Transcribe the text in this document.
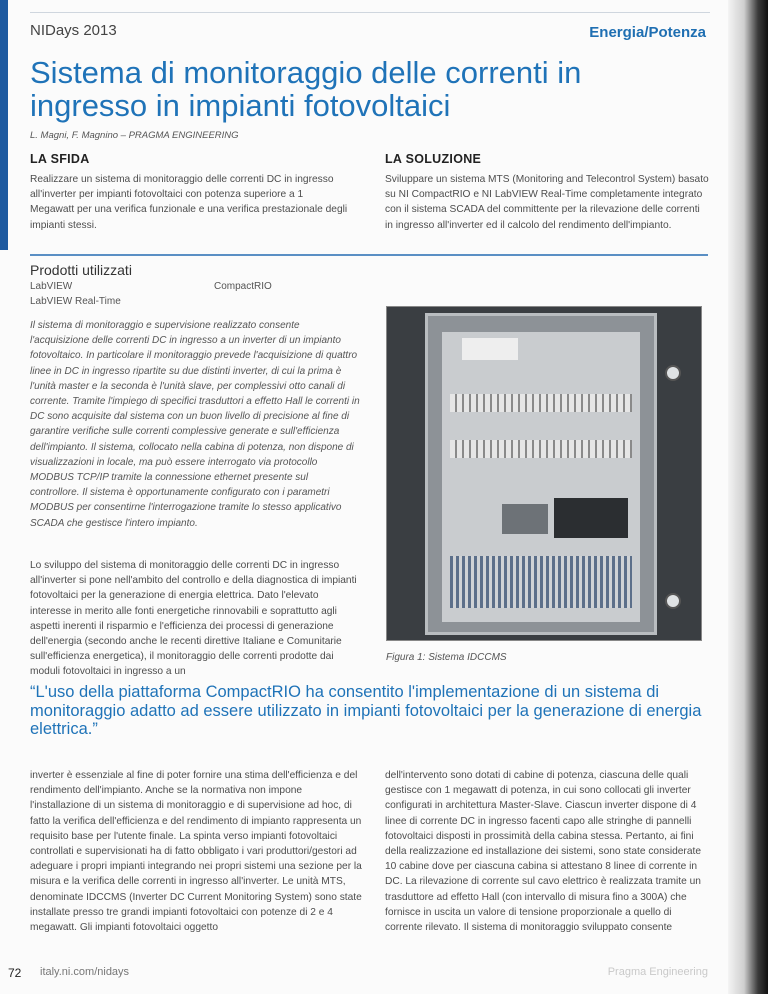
NIDays 2013	Energia/Potenza
Sistema di monitoraggio delle correnti in ingresso in impianti fotovoltaici
L. Magni, F. Magnino – PRAGMA ENGINEERING
LA SFIDA

Realizzare un sistema di monitoraggio delle correnti DC in ingresso all'inverter per impianti fotovoltaici con potenza superiore a 1 Megawatt per una verifica funzionale e una verifica prestazionale degli impianti stessi.

LA SOLUZIONE

Sviluppare un sistema MTS (Monitoring and Telecontrol System) basato su NI CompactRIO e NI LabVIEW Real-Time completamente integrato con il sistema SCADA del committente per la rilevazione delle correnti in ingresso all'inverter ed il calcolo del rendimento dell'impianto.

Prodotti utilizzati
LabVIEW
LabVIEW Real-Time
CompactRIO

Il sistema di monitoraggio e supervisione realizzato consente l'acquisizione delle correnti DC in ingresso a un inverter di un impianto fotovoltaico. In particolare il monitoraggio prevede l'acquisizione di quattro linee in DC in ingresso ripartite su due distinti inverter, di cui la prima è l'unità master e la seconda è l'unità slave, per complessivi otto canali di corrente. Tramite l'impiego di specifici trasduttori a effetto Hall le correnti in DC sono acquisite dal sistema con un buon livello di precisione al fine di garantire verifiche sulle correnti complessive generate e sull'efficienza dell'impianto. Il sistema, collocato nella cabina di potenza, non dispone di visualizzazioni in locale, ma può essere interrogato via protocollo MODBUS TCP/IP tramite la connessione ethernet presente sul controllore. Il sistema è opportunamente configurato con i parametri MODBUS per consentirne l'interrogazione tramite lo stesso applicativo SCADA che gestisce l'intero impianto.

Lo sviluppo del sistema di monitoraggio delle correnti DC in ingresso all'inverter si pone nell'ambito del controllo e della diagnostica di impianti fotovoltaici per la generazione di energia elettrica. Dato l'elevato interesse in merito alle fonti energetiche rinnovabili e soprattutto agli aspetti inerenti il risparmio e l'efficienza dei processi di generazione dell'energia (secondo anche le recenti direttive Italiane e Comunitarie sull'efficienza energetica), il monitoraggio delle correnti prodotte dai moduli fotovoltaici in ingresso a un

Figura 1: Sistema IDCCMS

“L'uso della piattaforma CompactRIO ha consentito l'implementazione di un sistema di monitoraggio adatto ad essere utilizzato in impianti fotovoltaici per la generazione di energia elettrica.”

inverter è essenziale al fine di poter fornire una stima dell'efficienza e del rendimento dell'impianto. Anche se la normativa non impone l'installazione di un sistema di monitoraggio e di supervisione ad hoc, di fatto la verifica dell'efficienza e del rendimento di impianto rappresenta un requisito base per l'utente finale. La spinta verso impianti fotovoltaici controllati e supervisionati ha di fatto obbligato i vari produttori/gestori ad adeguare i propri impianti integrando nei propri sistemi una sezione per la misura e la verifica delle correnti in ingresso all'inverter. Le unità MTS, denominate IDCCMS (Inverter DC Current Monitoring System) sono state installate presso tre grandi impianti fotovoltaici con potenze di 2 e 4 megawatt. Gli impianti fotovoltaici oggetto

dell'intervento sono dotati di cabine di potenza, ciascuna delle quali gestisce con 1 megawatt di potenza, in cui sono collocati gli inverter configurati in architettura Master-Slave. Ciascun inverter dispone di 4 linee di corrente DC in ingresso facenti capo alle stringhe di pannelli fotovoltaici disposti in prossimità della cabina stessa. Pertanto, ai fini della realizzazione ed installazione dei sistemi, sono state considerate 10 cabine dove per ciascuna cabina si attestano 8 linee di corrente in DC. La rilevazione di corrente sul cavo elettrico è realizzata tramite un trasduttore ad effetto Hall (con intervallo di misura fino a 300A) che fornisce in uscita un valore di tensione proporzionale a quello di corrente rilevato. Il sistema di monitoraggio sviluppato consente

72 italy.ni.com/nidays	Pragma Engineering
